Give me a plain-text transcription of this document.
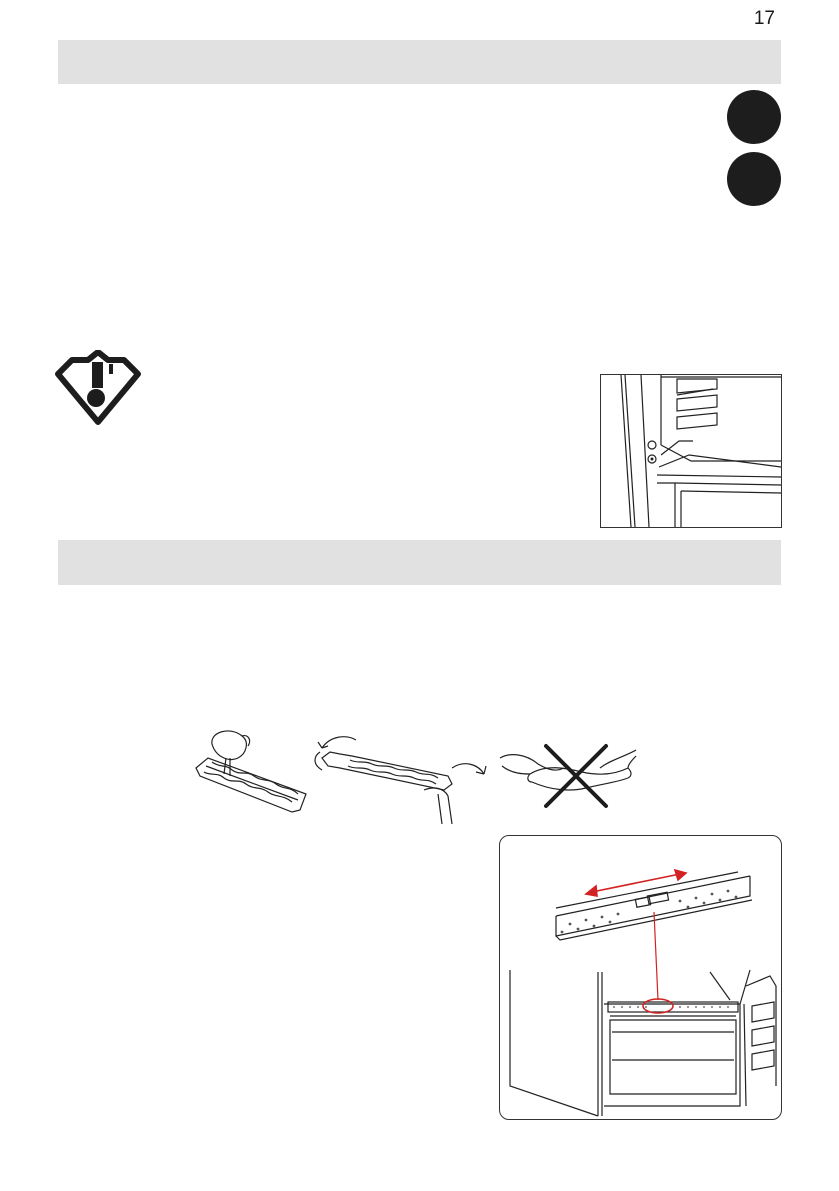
17
